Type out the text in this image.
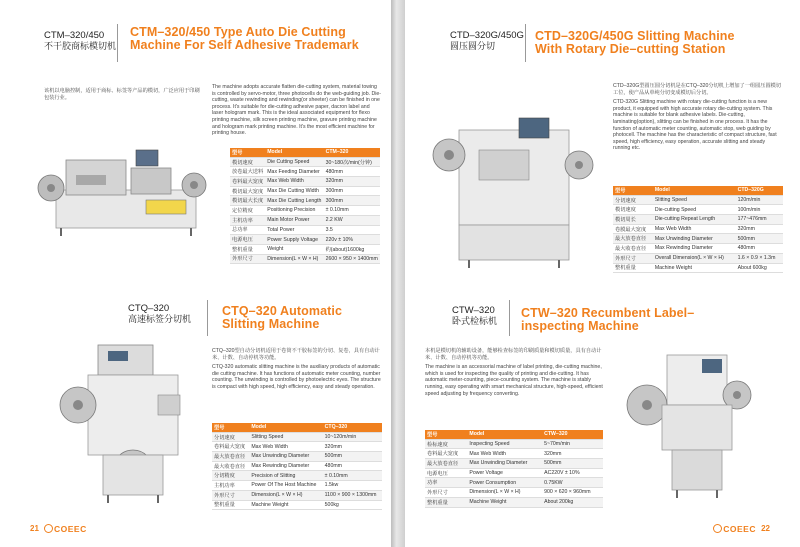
CTM–320/450
不干胶商标模切机
CTM–320/450 Type Auto Die Cutting
Machine For Self Adhesive Trademark

该机以电脑控制，适用于商标、标签等产品的模切，广泛应用于印刷包装行业。

The machine adopts accurate flatten die-cutting system, material towing is controlled by servo-motor, three photocells do the web-guiding job. Die-cutting, waste rewinding and rewinding(or sheeter) can be finished in one process. It's suitable for die-cutting adhesive paper, dacron label and laser hologram mark. This is the ideal associated equipment for flexo printing machine, silk screen printing machine, gravure printing machine and hologram mark printing machine. It's the most efficient machine for printing house.

型号	Model	CTM–320
模切速度	Die Cutting Speed	30~180次/min(分钟)
放卷最大送料	Max Feeding Diameter	480mm
卷料最大宽度	Max Web Width	320mm
模切最大宽度	Max Die Cutting Width	300mm
模切最大长度	Max Die Cutting Length	300mm
定位精度	Positioning Precision	± 0.10mm
主机功率	Main Motor Power	2.2 KW
总功率	Total Power	3.5
电源电压	Power Supply Voltage	220v ± 10%
整机重量	Weight	约(about)1600kg
外形尺寸	Dimension(L × W × H)	2600 × 950 × 1400mm
CTQ–320
高速标签分切机
CTQ–320 Automatic
Slitting Machine

CTQ–320型自动分切机适用于卷筒不干胶标签的分切、复卷，具有自动计米、计数、自动停机等功能。

CTQ-320 automatic slitting machine is the auxiliary products of automatic die cutting machine. It has functions of automatic meter counting, number counting. The unwinding is controlled by photoelectric eyes. The structure is compact with high speed, high efficiency, easy and steady operation.

型号	Model	CTQ–320
分切速度	Slitting Speed	10~120m/min
卷料最大宽度	Max Web Width	320mm
最大放卷直径	Max Unwinding Diameter	500mm
最大收卷直径	Max Rewinding Diameter	480mm
分切精度	Precision of Slitting	± 0.10mm
主机功率	Power Of The Host Machine	1.5kw
外形尺寸	Dimension(L × W × H)	1100 × 900 × 1300mm
整机重量	Machine Weight	500kg
21	COEEC
CTD–320G/450G
圆压圆分切
CTD–320G/450G Slitting Machine
With Rotary Die–cutting Station

CTD–320G型圆压圆分切机是在CTQ–320分切机上增加了一组圆压圆模切工位，使产品从单纯分切变成模切后分切。

CTD-320G Slitting machine with rotary die-cutting function is a new product, it equipped with high accurate rotary die-cutting system. This machine is suitable for blank adhesive labels. Die-cutting, laminating(option), slitting can be finished in one process. It has the function of automatic meter counting, automatic stop, web guiding by photocell. The machine has the characteristic of compact structure, fast speed, high efficiency, easy operation, accurate slitting and steady running etc.

型号	Model	CTD–320G
分切速度	Slitting Speed	120m/min
模切速度	Die-cutting Speed	100m/min
模切周长	Die-cutting Repeat Length	177~476mm
卷膜最大宽度	Max Web Width	320mm
最大放卷直径	Max Unwinding Diameter	500mm
最大收卷直径	Max Rewinding Diameter	480mm
外形尺寸	Overall Dimension(L × W × H)	1.6 × 0.9 × 1.3m
整机重量	Machine Weight	About 600kg
CTW–320
卧式检标机
CTW–320 Recumbent Label–
inspecting Machine

本机是模切机的辅助设备，能够检查标签的印刷质量和模切质量，具有自动计米、计数、自动停机等功能。

The machine is an accessorial machine of label printing, die-cutting machine, which is used for inspecting the quality of printing and die-cutting. It has automatic meter-counting, piece-counting system. The machine is stably running, easy operating with smart mechanical structure, high-speed, efficient speed adjusting by frequency converting.

型号	Model	CTW–320
检标速度	Inspecting Speed	5~70m/min
卷料最大宽度	Max Web Width	320mm
最大放卷直径	Max Unwinding Diameter	500mm
电源电压	Power Voltage	AC220V ± 10%
功率	Power Consumption	0.75KW
外形尺寸	Dimension(L × W × H)	900 × 620 × 960mm
整机重量	Machine Weight	About 200kg
COEEC 22
